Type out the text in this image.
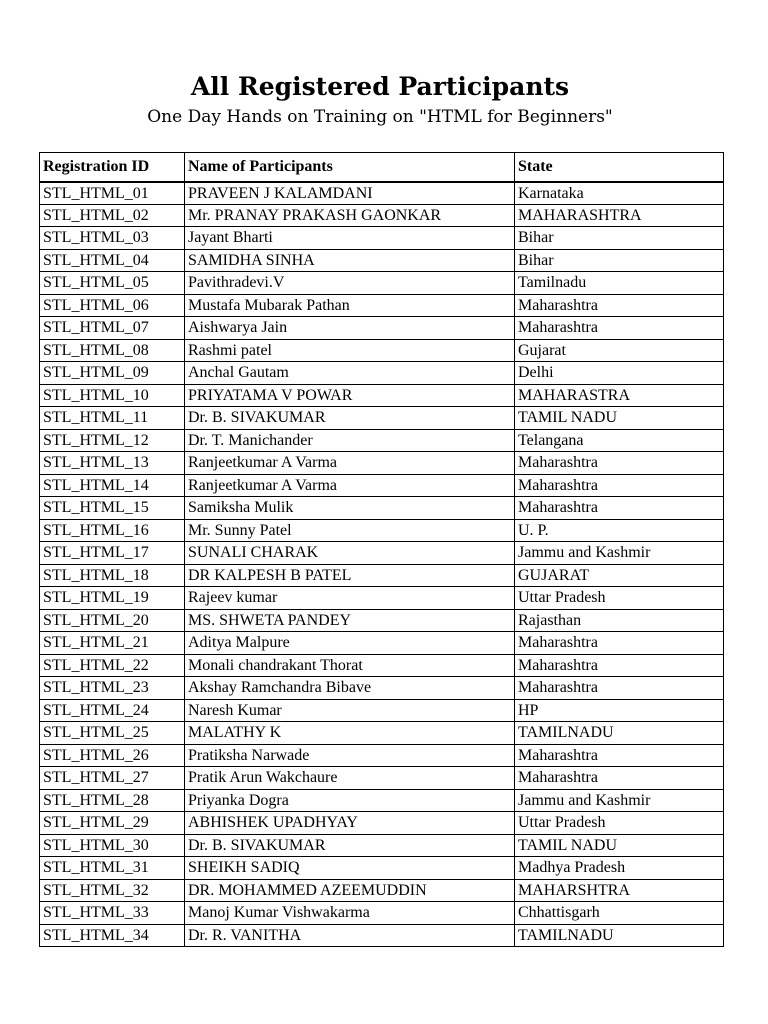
All Registered Participants
One Day Hands on Training on "HTML for Beginners"
Registration ID	Name of Participants	State
STL_HTML_01	PRAVEEN J KALAMDANI	Karnataka
STL_HTML_02	Mr. PRANAY PRAKASH GAONKAR	MAHARASHTRA
STL_HTML_03	Jayant Bharti	Bihar
STL_HTML_04	SAMIDHA SINHA	Bihar
STL_HTML_05	Pavithradevi.V	Tamilnadu
STL_HTML_06	Mustafa Mubarak Pathan	Maharashtra
STL_HTML_07	Aishwarya Jain	Maharashtra
STL_HTML_08	Rashmi patel	Gujarat
STL_HTML_09	Anchal Gautam	Delhi
STL_HTML_10	PRIYATAMA V POWAR	MAHARASTRA
STL_HTML_11	Dr. B. SIVAKUMAR	TAMIL NADU
STL_HTML_12	Dr. T. Manichander	Telangana
STL_HTML_13	Ranjeetkumar A Varma	Maharashtra
STL_HTML_14	Ranjeetkumar A Varma	Maharashtra
STL_HTML_15	Samiksha Mulik	Maharashtra
STL_HTML_16	Mr. Sunny Patel	U. P.
STL_HTML_17	SUNALI CHARAK	Jammu and Kashmir
STL_HTML_18	DR KALPESH B PATEL	GUJARAT
STL_HTML_19	Rajeev kumar	Uttar Pradesh
STL_HTML_20	MS. SHWETA PANDEY	Rajasthan
STL_HTML_21	Aditya Malpure	Maharashtra
STL_HTML_22	Monali chandrakant Thorat	Maharashtra
STL_HTML_23	Akshay Ramchandra Bibave	Maharashtra
STL_HTML_24	Naresh Kumar	HP
STL_HTML_25	MALATHY K	TAMILNADU
STL_HTML_26	Pratiksha Narwade	Maharashtra
STL_HTML_27	Pratik Arun Wakchaure	Maharashtra
STL_HTML_28	Priyanka Dogra	Jammu and Kashmir
STL_HTML_29	ABHISHEK UPADHYAY	Uttar Pradesh
STL_HTML_30	Dr. B. SIVAKUMAR	TAMIL NADU
STL_HTML_31	SHEIKH SADIQ	Madhya Pradesh
STL_HTML_32	DR. MOHAMMED AZEEMUDDIN	MAHARSHTRA
STL_HTML_33	Manoj Kumar Vishwakarma	Chhattisgarh
STL_HTML_34	Dr. R. VANITHA	TAMILNADU
